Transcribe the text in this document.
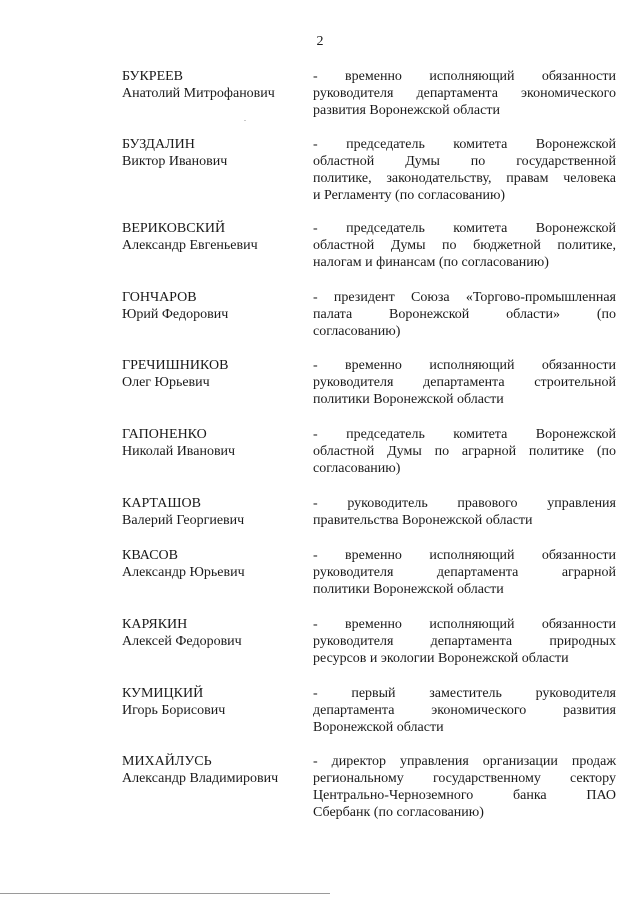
2
БУКРЕЕВ
Анатолий Митрофанович
- временно исполняющий обязанности
руководителя департамента экономического
развития Воронежской области
БУЗДАЛИН
Виктор Иванович
- председатель комитета Воронежской
областной Думы по государственной
политике, законодательству, правам человека
и Регламенту (по согласованию)
ВЕРИКОВСКИЙ
Александр Евгеньевич
- председатель комитета Воронежской
областной Думы по бюджетной политике,
налогам и финансам (по согласованию)
ГОНЧАРОВ
Юрий Федорович
- президент Союза «Торгово-промышленная
палата Воронежской области» (по
согласованию)
ГРЕЧИШНИКОВ
Олег Юрьевич
- временно исполняющий обязанности
руководителя департамента строительной
политики Воронежской области
ГАПОНЕНКО
Николай Иванович
- председатель комитета Воронежской
областной Думы по аграрной политике (по
согласованию)
КАРТАШОВ
Валерий Георгиевич
- руководитель правового управления
правительства Воронежской области
КВАСОВ
Александр Юрьевич
- временно исполняющий обязанности
руководителя департамента аграрной
политики Воронежской области
КАРЯКИН
Алексей Федорович
- временно исполняющий обязанности
руководителя департамента природных
ресурсов и экологии Воронежской области
КУМИЦКИЙ
Игорь Борисович
- первый заместитель руководителя
департамента экономического развития
Воронежской области
МИХАЙЛУСЬ
Александр Владимирович
- директор управления организации продаж
региональному государственному сектору
Центрально-Черноземного банка ПАО
Сбербанк (по согласованию)
